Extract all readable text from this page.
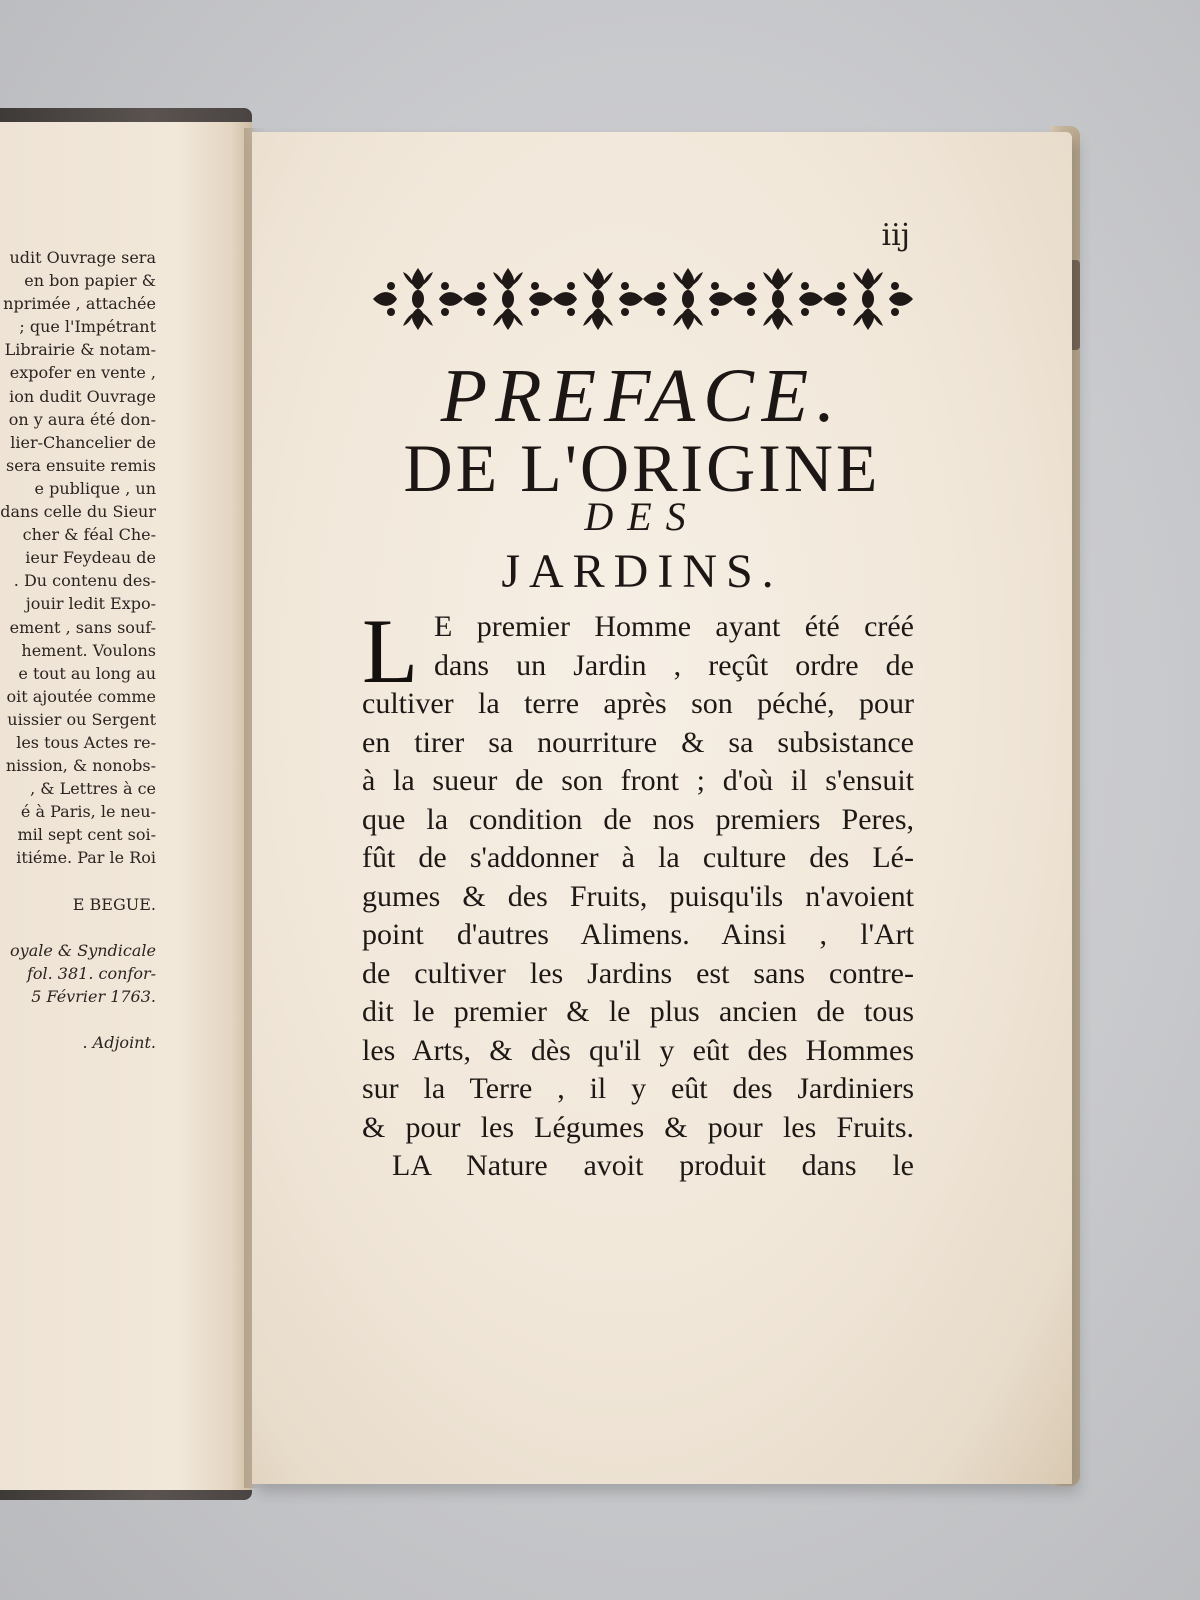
udit Ouvrage sera
en bon papier &
nprimée , attachée
; que l'Impétrant
Librairie & notam-
expofer en vente ,
ion dudit Ouvrage
on y aura été don-
lier-Chancelier de
sera ensuite remis
e publique , un
dans celle du Sieur
cher & féal Che-
ieur Feydeau de
. Du contenu des-
jouir ledit Expo-
ement , sans souf-
hement. Voulons
e tout au long au
oit ajoutée comme
uissier ou Sergent
les tous Actes re-
nission, & nonobs-
, & Lettres à ce
é à Paris, le neu-
mil sept cent soi-
itiéme. Par le Roi
E BEGUE.
oyale & Syndicale
fol. 381. confor-
5 Février 1763.
. Adjoint.
iij
PREFACE.
DE L'ORIGINE
DES
JARDINS.
L E premier Homme ayant été créé
dans un Jardin , reçût ordre de
cultiver la terre après son péché, pour
en tirer sa nourriture & sa subsistance
à la sueur de son front ; d'où il s'ensuit
que la condition de nos premiers Peres,
fût de s'addonner à la culture des Lé-
gumes & des Fruits, puisqu'ils n'avoient
point d'autres Alimens. Ainsi , l'Art
de cultiver les Jardins est sans contre-
dit le premier & le plus ancien de tous
les Arts, & dès qu'il y eût des Hommes
sur la Terre , il y eût des Jardiniers
& pour les Légumes & pour les Fruits.
LA Nature avoit produit dans le
